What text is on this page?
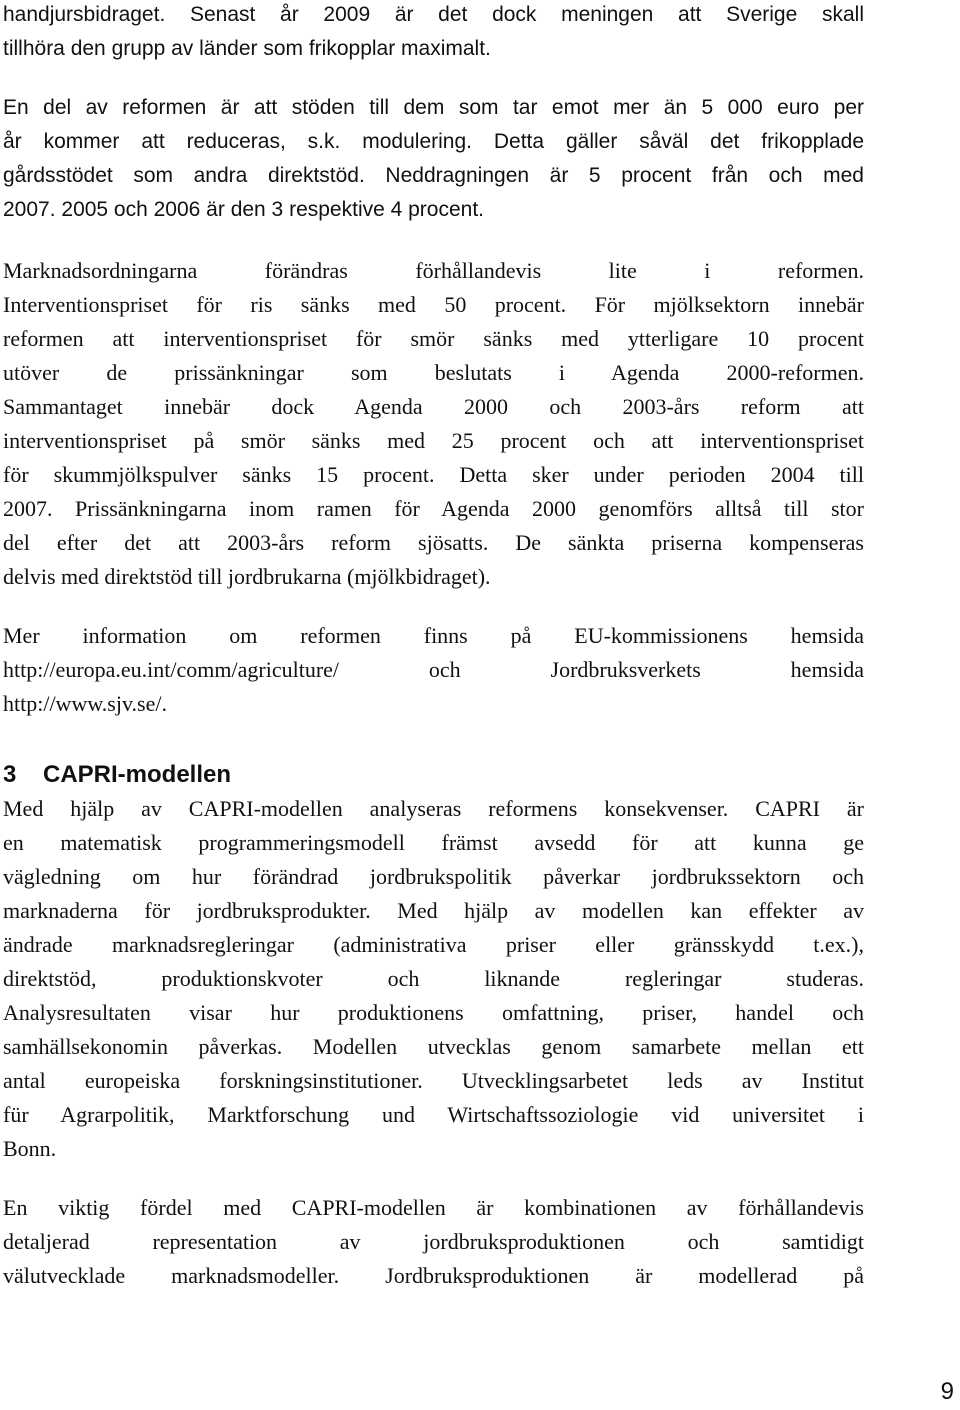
handjursbidraget. Senast år 2009 är det dock meningen att Sverige skall
tillhöra den grupp av länder som frikopplar maximalt.
En del av reformen är att stöden till dem som tar emot mer än 5 000 euro per
år kommer att reduceras, s.k. modulering. Detta gäller såväl det frikopplade
gårdsstödet som andra direktstöd. Neddragningen är 5 procent från och med
2007. 2005 och 2006 är den 3 respektive 4 procent.
Marknadsordningarna förändras förhållandevis lite i reformen.
Interventionspriset för ris sänks med 50 procent. För mjölksektorn innebär
reformen att interventionspriset för smör sänks med ytterligare 10 procent
utöver de prissänkningar som beslutats i Agenda 2000-reformen.
Sammantaget innebär dock Agenda 2000 och 2003-års reform att
interventionspriset på smör sänks med 25 procent och att interventionspriset
för skummjölkspulver sänks 15 procent. Detta sker under perioden 2004 till
2007. Prissänkningarna inom ramen för Agenda 2000 genomförs alltså till stor
del efter det att 2003-års reform sjösatts. De sänkta priserna kompenseras
delvis med direktstöd till jordbrukarna (mjölkbidraget).
Mer information om reformen finns på EU-kommissionens hemsida
http://europa.eu.int/comm/agriculture/ och Jordbruksverkets hemsida
http://www.sjv.se/.
3 CAPRI-modellen
Med hjälp av CAPRI-modellen analyseras reformens konsekvenser. CAPRI är
en matematisk programmeringsmodell främst avsedd för att kunna ge
vägledning om hur förändrad jordbrukspolitik påverkar jordbrukssektorn och
marknaderna för jordbruksprodukter. Med hjälp av modellen kan effekter av
ändrade marknadsregleringar (administrativa priser eller gränsskydd t.ex.),
direktstöd, produktionskvoter och liknande regleringar studeras.
Analysresultaten visar hur produktionens omfattning, priser, handel och
samhällsekonomin påverkas. Modellen utvecklas genom samarbete mellan ett
antal europeiska forskningsinstitutioner. Utvecklingsarbetet leds av Institut
für Agrarpolitik, Marktforschung und Wirtschaftssoziologie vid universitet i
Bonn.
En viktig fördel med CAPRI-modellen är kombinationen av förhållandevis
detaljerad representation av jordbruksproduktionen och samtidigt
välutvecklade marknadsmodeller. Jordbruksproduktionen är modellerad på
9
